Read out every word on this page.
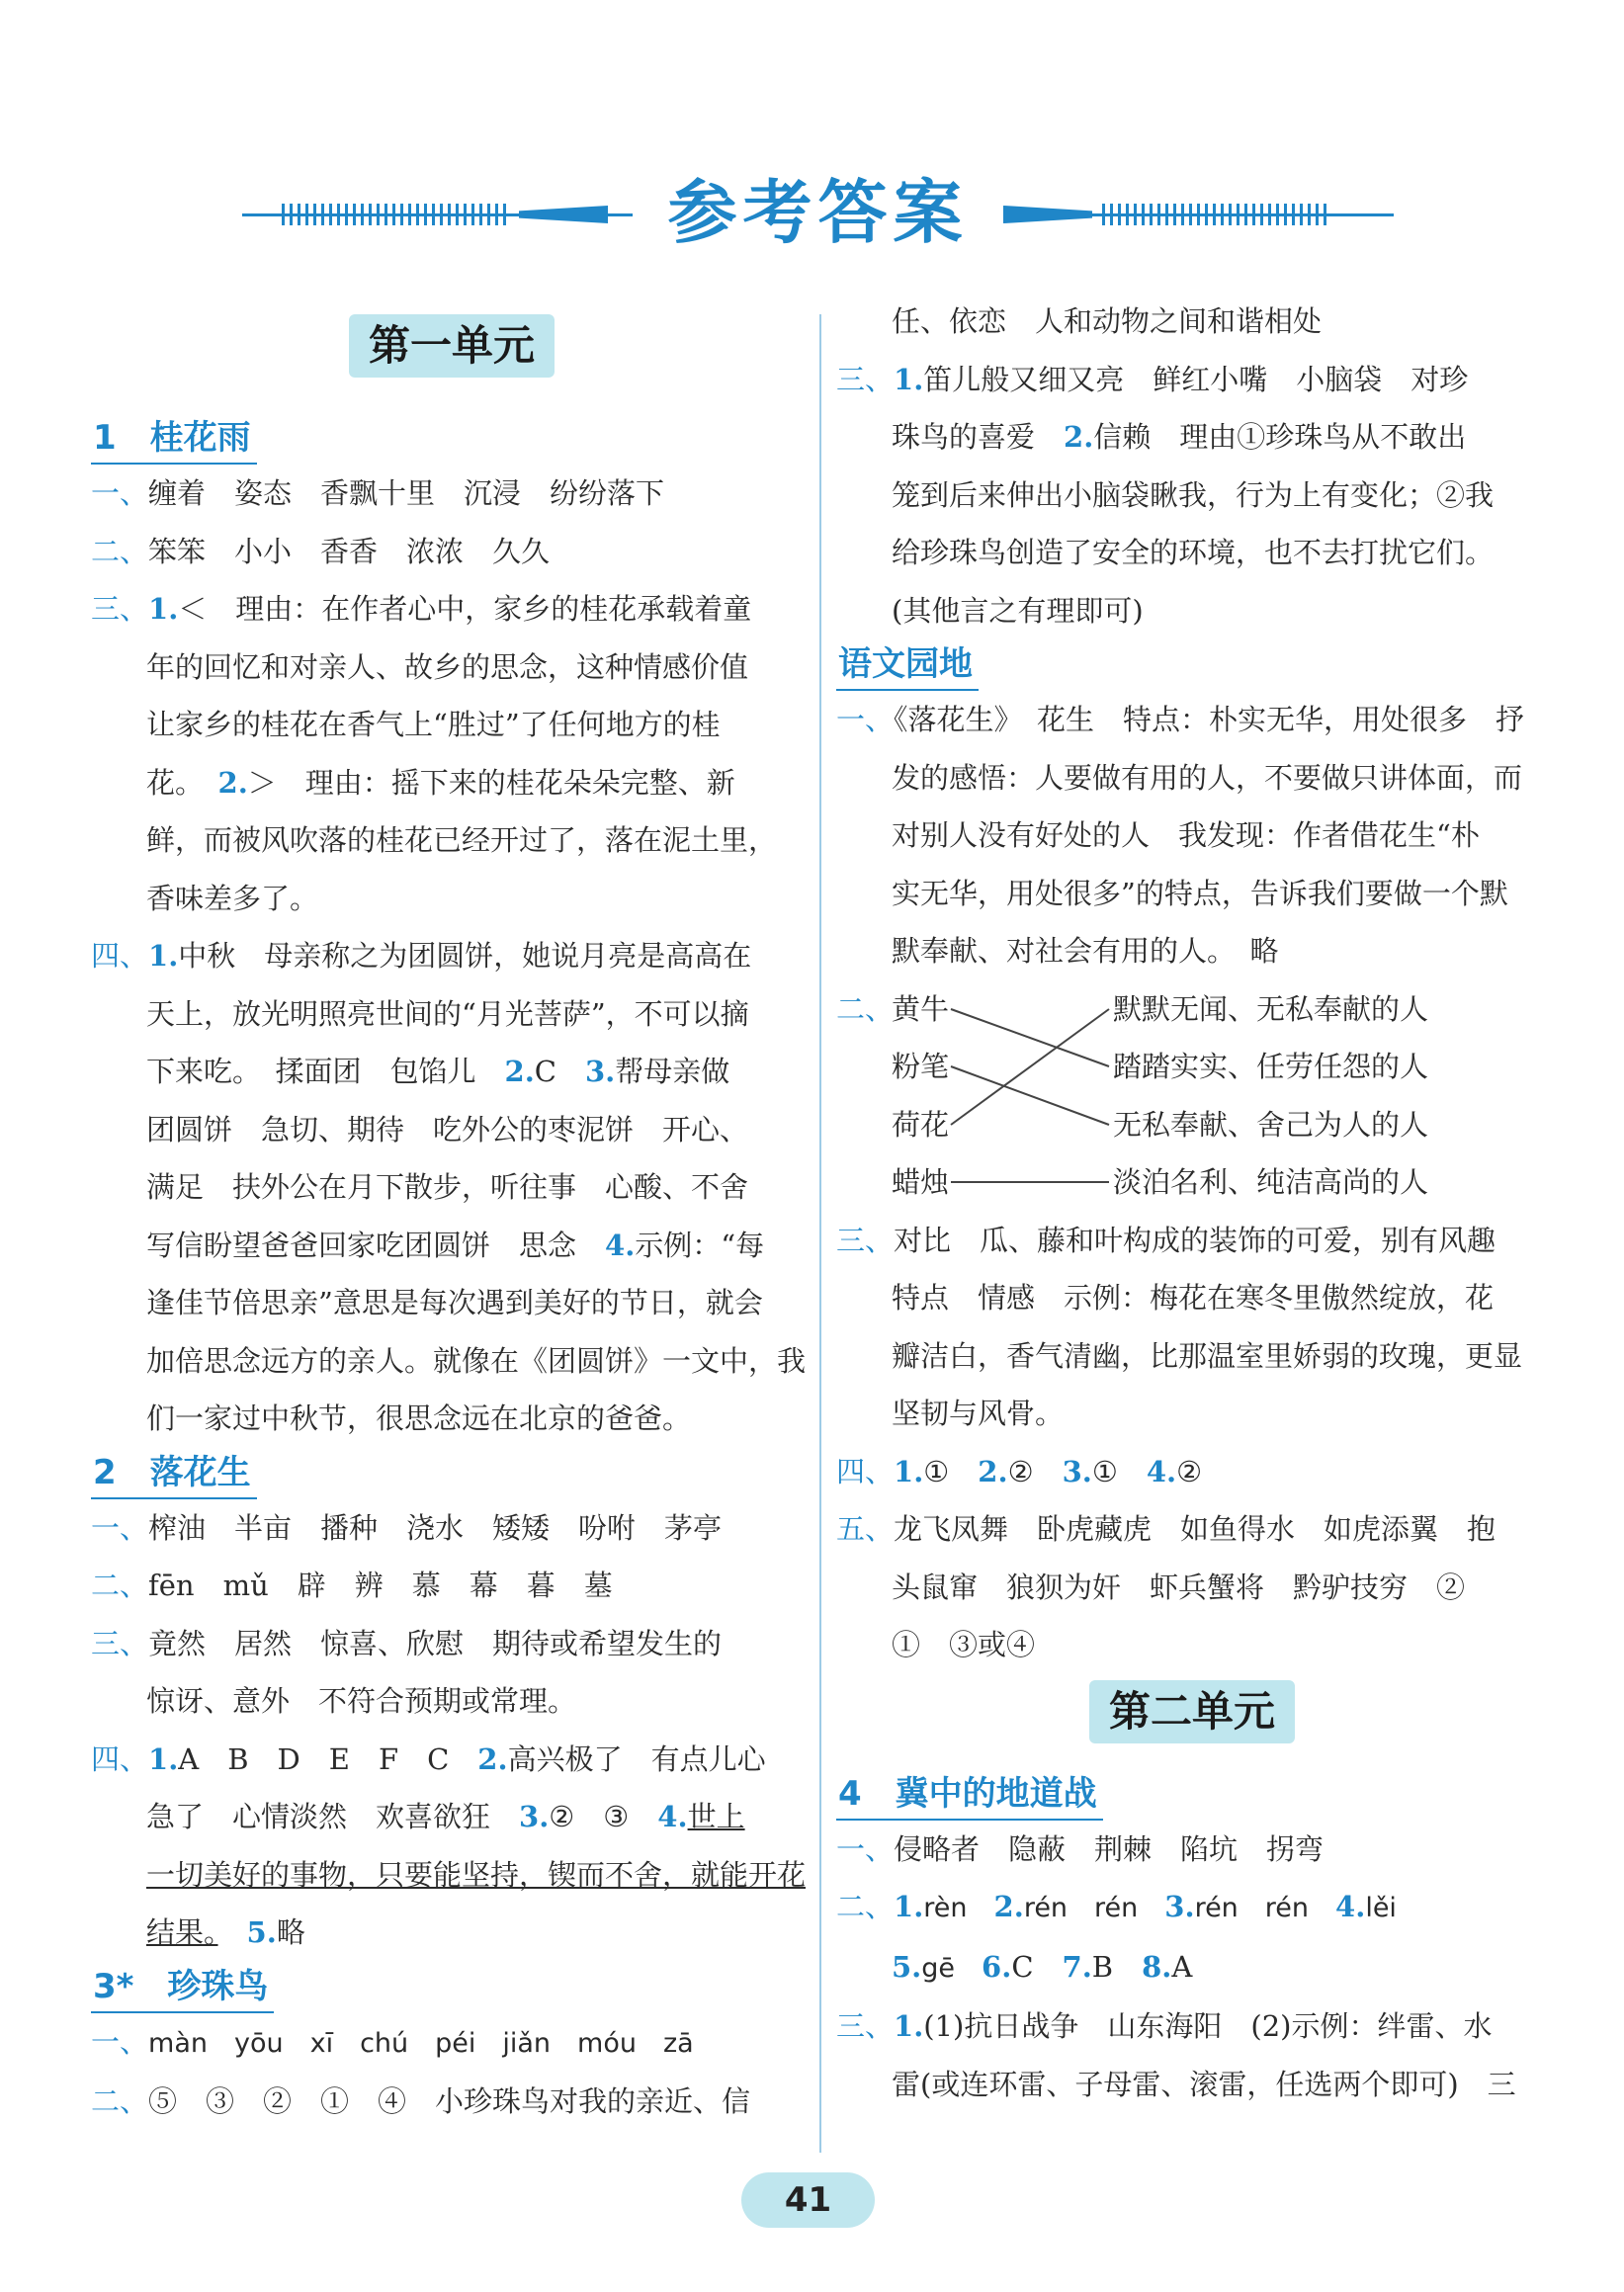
参考答案
第一单元
1　桂花雨
一、缠着　姿态　香飘十里　沉浸　纷纷落下
二、笨笨　小小　香香　浓浓　久久
三、1.＜　理由：在作者心中，家乡的桂花承载着童
年的回忆和对亲人、故乡的思念，这种情感价值
让家乡的桂花在香气上“胜过”了任何地方的桂
花。　2.＞　理由：摇下来的桂花朵朵完整、新
鲜，而被风吹落的桂花已经开过了，落在泥土里，
香味差多了。
四、1.中秋　母亲称之为团圆饼，她说月亮是高高在
天上，放光明照亮世间的“月光菩萨”，不可以摘
下来吃。　揉面团　包馅儿　2.C　3.帮母亲做
团圆饼　急切、期待　吃外公的枣泥饼　开心、
满足　扶外公在月下散步，听往事　心酸、不舍
写信盼望爸爸回家吃团圆饼　思念　4.示例：“每
逢佳节倍思亲”意思是每次遇到美好的节日，就会
加倍思念远方的亲人。就像在《团圆饼》一文中，我
们一家过中秋节，很思念远在北京的爸爸。
2　落花生
一、榨油　半亩　播种　浇水　矮矮　吩咐　茅亭
二、fēn　mǔ　辟　辨　慕　幕　暮　墓
三、竟然　居然　惊喜、欣慰　期待或希望发生的
惊讶、意外　不符合预期或常理。
四、1.A　B　D　E　F　C　2.高兴极了　有点儿心
急了　心情淡然　欢喜欲狂　3.②　③　4.世上
一切美好的事物，只要能坚持，锲而不舍，就能开花
结果。　 5.略
3*　珍珠鸟
一、màn　yōu　xī　chú　péi　jiǎn　móu　zā
二、⑤　③　②　①　④　小珍珠鸟对我的亲近、信
任、依恋　人和动物之间和谐相处
三、1.笛儿般又细又亮　鲜红小嘴　小脑袋　对珍
珠鸟的喜爱　2.信赖　理由①珍珠鸟从不敢出
笼到后来伸出小脑袋瞅我，行为上有变化；②我
给珍珠鸟创造了安全的环境，也不去打扰它们。
(其他言之有理即可)
语文园地
一、《落花生》　花生　特点：朴实无华，用处很多　抒
发的感悟：人要做有用的人，不要做只讲体面，而
对别人没有好处的人　我发现：作者借花生“朴
实无华，用处很多”的特点，告诉我们要做一个默
默奉献、对社会有用的人。　略
二、
黄牛
粉笔
荷花
蜡烛
默默无闻、无私奉献的人
踏踏实实、任劳任怨的人
无私奉献、舍己为人的人
淡泊名利、纯洁高尚的人
三、对比　瓜、藤和叶构成的装饰的可爱，别有风趣
特点　情感　示例：梅花在寒冬里傲然绽放，花
瓣洁白，香气清幽，比那温室里娇弱的玫瑰，更显
坚韧与风骨。
四、1.①　2.②　3.①　4.②
五、龙飞凤舞　卧虎藏虎　如鱼得水　如虎添翼　抱
头鼠窜　狼狈为奸　虾兵蟹将　黔驴技穷　②
①　③或④
第二单元
4　冀中的地道战
一、侵略者　隐蔽　荆棘　陷坑　拐弯
二、1.rèn　2.rén　rén　3.rén　rén　4.lěi
5.gē　6.C　7.B　8.A
三、1.(1)抗日战争　山东海阳　(2)示例：绊雷、水
雷(或连环雷、子母雷、滚雷，任选两个即可)　三
41
